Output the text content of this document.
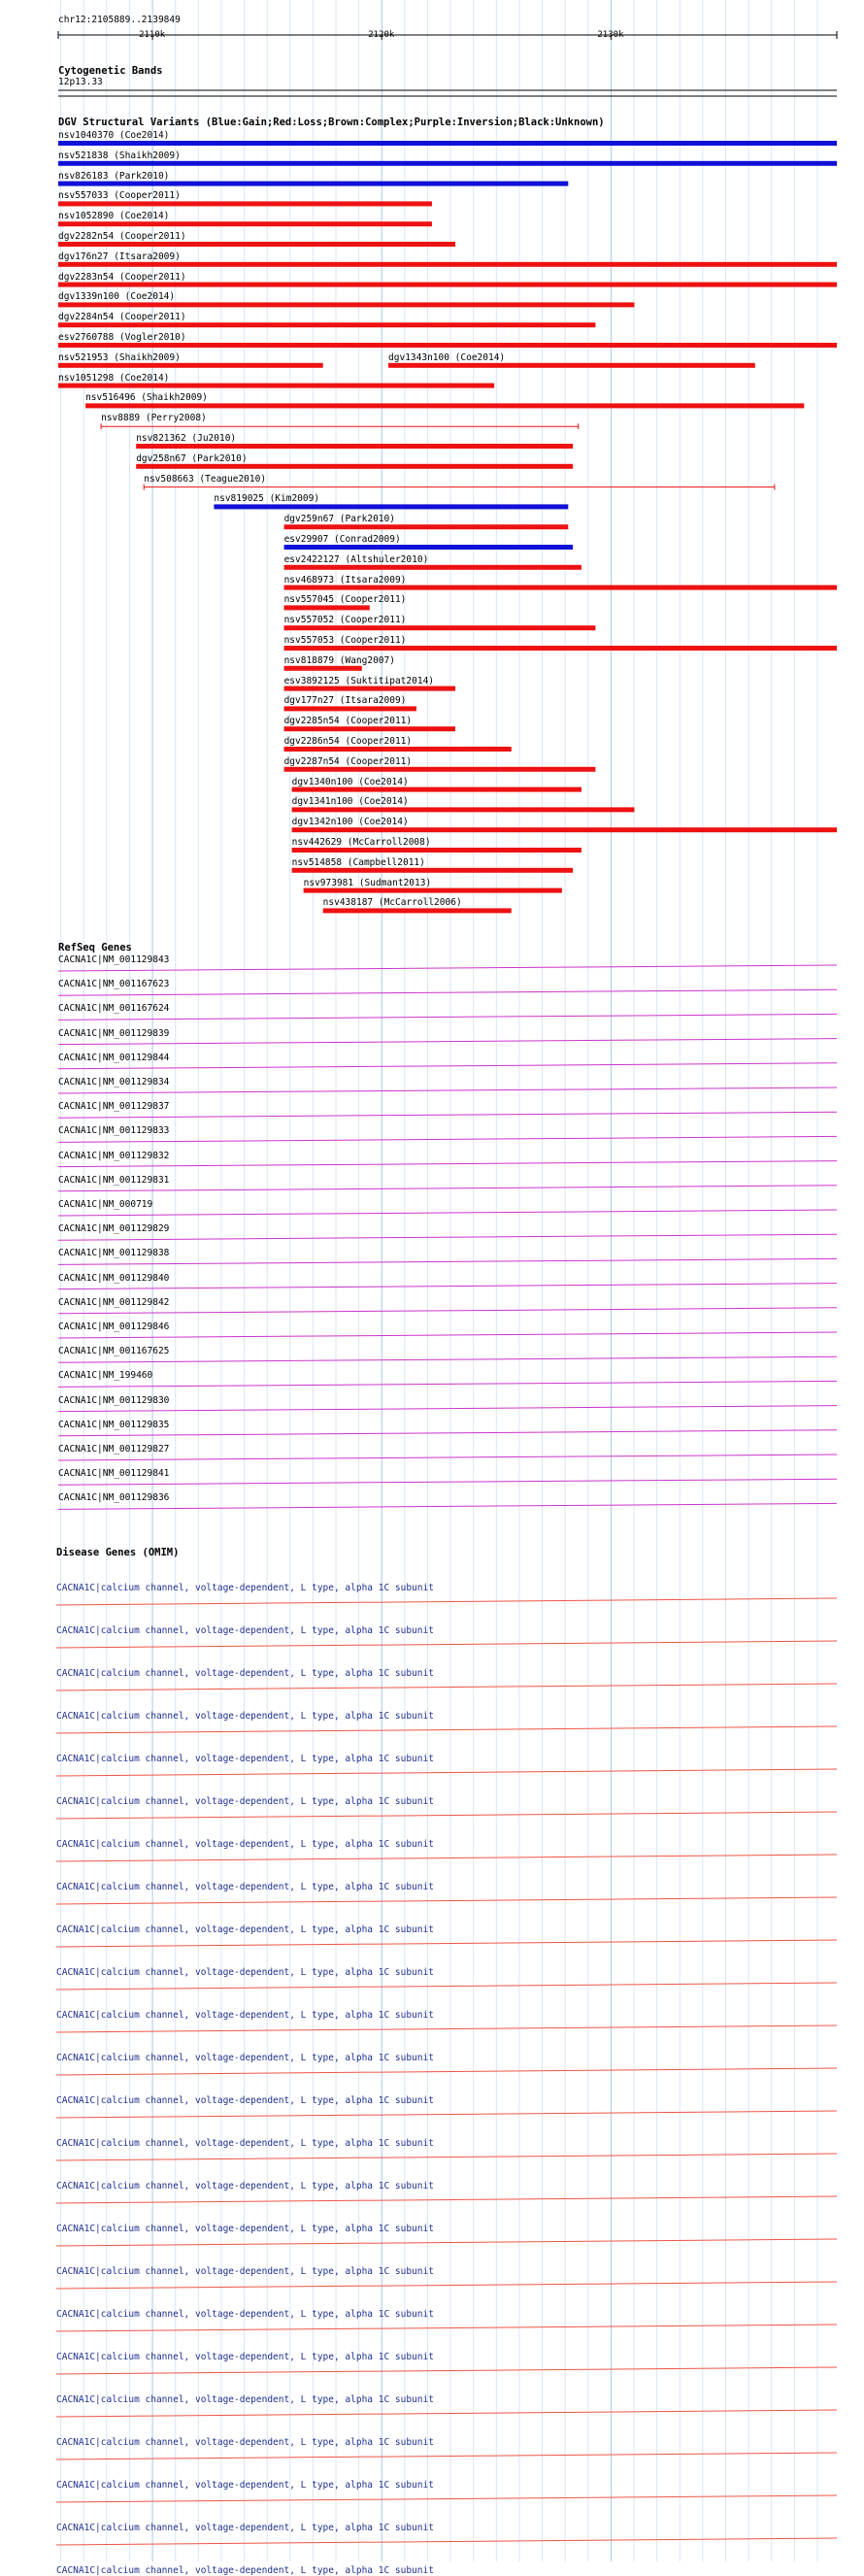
chr12:2105889..2139849
2110k	2120k	2130k
Cytogenetic Bands
12p13.33
DGV Structural Variants (Blue:Gain;Red:Loss;Brown:Complex;Purple:Inversion;Black:Unknown)
nsv1040370 (Coe2014)
nsv521838 (Shaikh2009)
nsv826183 (Park2010)
nsv557033 (Cooper2011)
nsv1052890 (Coe2014)
dgv2282n54 (Cooper2011)
dgv176n27 (Itsara2009)
dgv2283n54 (Cooper2011)
dgv1339n100 (Coe2014)
dgv2284n54 (Cooper2011)
esv2760788 (Vogler2010)
nsv521953 (Shaikh2009)	dgv1343n100 (Coe2014)
nsv1051298 (Coe2014)
nsv516496 (Shaikh2009)
nsv8889 (Perry2008)
nsv821362 (Ju2010)
dgv258n67 (Park2010)
nsv508663 (Teague2010)
nsv819025 (Kim2009)
dgv259n67 (Park2010)
esv29907 (Conrad2009)
esv2422127 (Altshuler2010)
nsv468973 (Itsara2009)
nsv557045 (Cooper2011)
nsv557052 (Cooper2011)
nsv557053 (Cooper2011)
nsv818879 (Wang2007)
esv3892125 (Suktitipat2014)
dgv177n27 (Itsara2009)
dgv2285n54 (Cooper2011)
dgv2286n54 (Cooper2011)
dgv2287n54 (Cooper2011)
dgv1340n100 (Coe2014)
dgv1341n100 (Coe2014)
dgv1342n100 (Coe2014)
nsv442629 (McCarroll2008)
nsv514858 (Campbell2011)
nsv973981 (Sudmant2013)
nsv438187 (McCarroll2006)
RefSeq Genes
CACNA1C|NM_001129843
CACNA1C|NM_001167623
CACNA1C|NM_001167624
CACNA1C|NM_001129839
CACNA1C|NM_001129844
CACNA1C|NM_001129834
CACNA1C|NM_001129837
CACNA1C|NM_001129833
CACNA1C|NM_001129832
CACNA1C|NM_001129831
CACNA1C|NM_000719
CACNA1C|NM_001129829
CACNA1C|NM_001129838
CACNA1C|NM_001129840
CACNA1C|NM_001129842
CACNA1C|NM_001129846
CACNA1C|NM_001167625
CACNA1C|NM_199460
CACNA1C|NM_001129830
CACNA1C|NM_001129835
CACNA1C|NM_001129827
CACNA1C|NM_001129841
CACNA1C|NM_001129836
Disease Genes (OMIM)
CACNA1C|calcium channel, voltage-dependent, L type, alpha 1C subunit
CACNA1C|calcium channel, voltage-dependent, L type, alpha 1C subunit
CACNA1C|calcium channel, voltage-dependent, L type, alpha 1C subunit
CACNA1C|calcium channel, voltage-dependent, L type, alpha 1C subunit
CACNA1C|calcium channel, voltage-dependent, L type, alpha 1C subunit
CACNA1C|calcium channel, voltage-dependent, L type, alpha 1C subunit
CACNA1C|calcium channel, voltage-dependent, L type, alpha 1C subunit
CACNA1C|calcium channel, voltage-dependent, L type, alpha 1C subunit
CACNA1C|calcium channel, voltage-dependent, L type, alpha 1C subunit
CACNA1C|calcium channel, voltage-dependent, L type, alpha 1C subunit
CACNA1C|calcium channel, voltage-dependent, L type, alpha 1C subunit
CACNA1C|calcium channel, voltage-dependent, L type, alpha 1C subunit
CACNA1C|calcium channel, voltage-dependent, L type, alpha 1C subunit
CACNA1C|calcium channel, voltage-dependent, L type, alpha 1C subunit
CACNA1C|calcium channel, voltage-dependent, L type, alpha 1C subunit
CACNA1C|calcium channel, voltage-dependent, L type, alpha 1C subunit
CACNA1C|calcium channel, voltage-dependent, L type, alpha 1C subunit
CACNA1C|calcium channel, voltage-dependent, L type, alpha 1C subunit
CACNA1C|calcium channel, voltage-dependent, L type, alpha 1C subunit
CACNA1C|calcium channel, voltage-dependent, L type, alpha 1C subunit
CACNA1C|calcium channel, voltage-dependent, L type, alpha 1C subunit
CACNA1C|calcium channel, voltage-dependent, L type, alpha 1C subunit
CACNA1C|calcium channel, voltage-dependent, L type, alpha 1C subunit
CACNA1C|calcium channel, voltage-dependent, L type, alpha 1C subunit
